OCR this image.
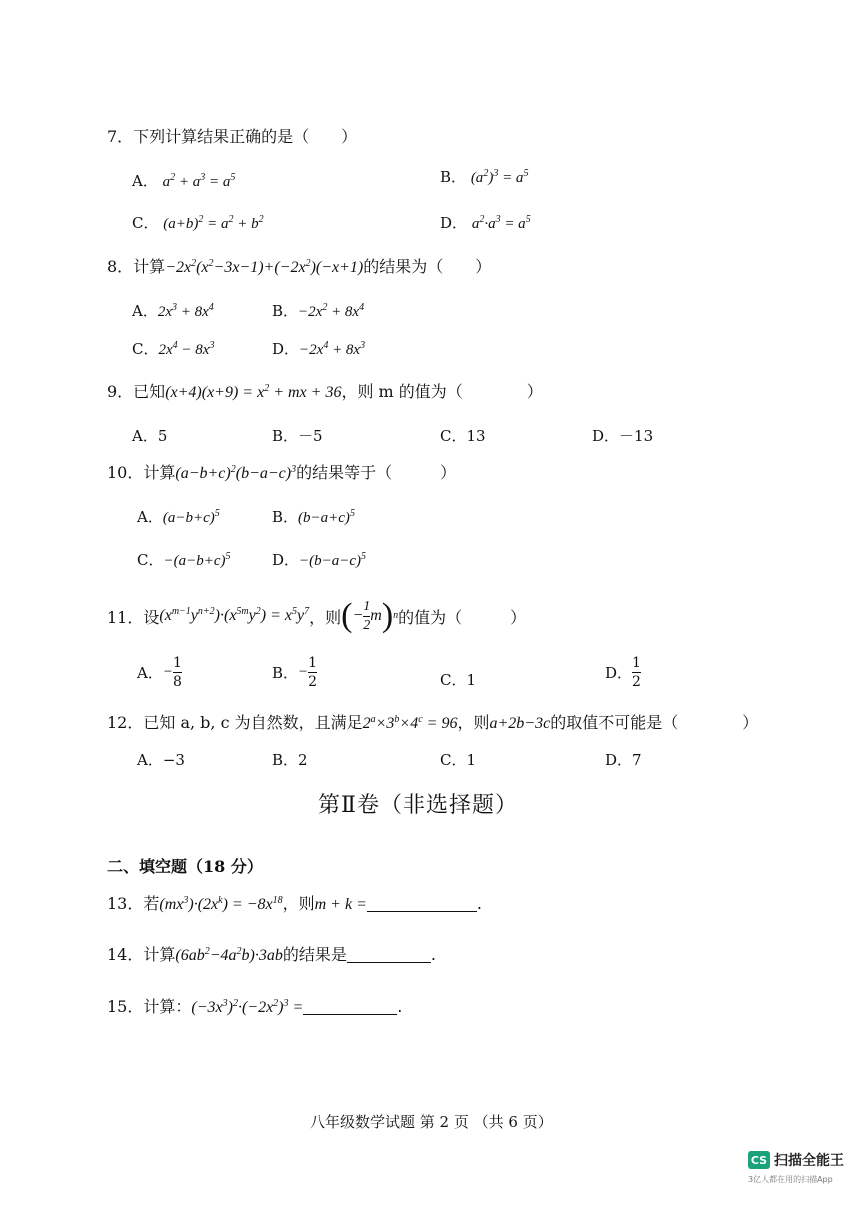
7．下列计算结果正确的是（　　）
A． $a^2 + a^3 = a^5$	B． $(a^2)^3 = a^5$
C． $(a+b)^2 = a^2 + b^2$	D． $a^2\cdot a^3 = a^5$
8．计算$-2x^2(x^2-3x-1)+(-2x^2)(-x+1)$的结果为（　　）
A．$2x^3 + 8x^4$	B．$-2x^2 + 8x^4$
C．$2x^4 - 8x^3$	D．$-2x^4 + 8x^3$
9．已知$(x+4)(x+9) = x^2$ + mx + 36，则 m 的值为（　　　　）
A．5	B．－5	C．13	D．－13
10．计算$(a-b+c)^2(b-a-c)^3$的结果等于（　　　）
A．$(a-b+c)^5$	B．$(b-a+c)^5$
C．$-(a-b+c)^5$	D．$-(b-a-c)^5$
11．设 $(x^{m-1}y^{n+2})\cdot(x^{5m}y^2) = x^5y^7$ ，则 ( − $\frac{1}{2}$ m ) n 的值为（　　　）
A． − $\frac{1}{8}$	B． − $\frac{1}{2}$	C．1	D． $\frac{1}{2}$
12．已知 a, b, c 为自然数，且满足$2^a\times 3^b\times 4^c = 96$，则a+2b−3c的取值不可能是（　　　　）
A．−3	B．2	C．1	D．7
第Ⅱ卷（非选择题）
二、填空题（18 分）
13．若$(mx^3)\cdot(2x^k) = -8x^{18}$，则m + k =	.
14．计算$(6ab^2-4a^2b)\cdot 3ab$的结果是	.
15．计算：$(-3x^3)^2\cdot(-2x^2)^3$ =	.
八年级数学试题 第 2 页 （共 6 页）
CS 扫描全能王
3亿人都在用的扫描App
